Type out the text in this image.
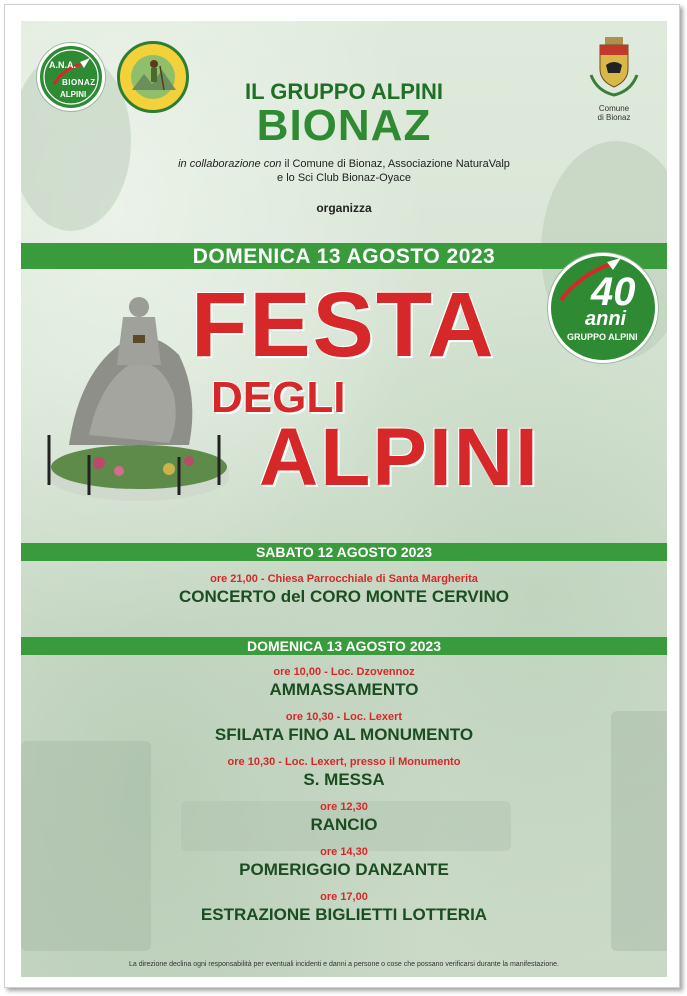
A.N.A.
BIONAZ
ALPINI
Comune
di Bionaz
IL GRUPPO ALPINI
BIONAZ
in collaborazione con il Comune di Bionaz, Associazione NaturaValp
e lo Sci Club Bionaz-Oyace
organizza
DOMENICA 13 AGOSTO 2023
40
anni
GRUPPO ALPINI
FESTA
DEGLI
ALPINI
SABATO 12 AGOSTO 2023
ore 21,00 - Chiesa Parrocchiale di Santa Margherita
CONCERTO del CORO MONTE CERVINO
DOMENICA 13 AGOSTO 2023
ore 10,00 - Loc. Dzovennoz
AMMASSAMENTO
ore 10,30 - Loc. Lexert
SFILATA FINO AL MONUMENTO
ore 10,30 - Loc. Lexert, presso il Monumento
S. MESSA
ore 12,30
RANCIO
ore 14,30
POMERIGGIO DANZANTE
ore 17,00
ESTRAZIONE BIGLIETTI LOTTERIA
La direzione declina ogni responsabilità per eventuali incidenti e danni a persone o cose che possano verificarsi durante la manifestazione.
